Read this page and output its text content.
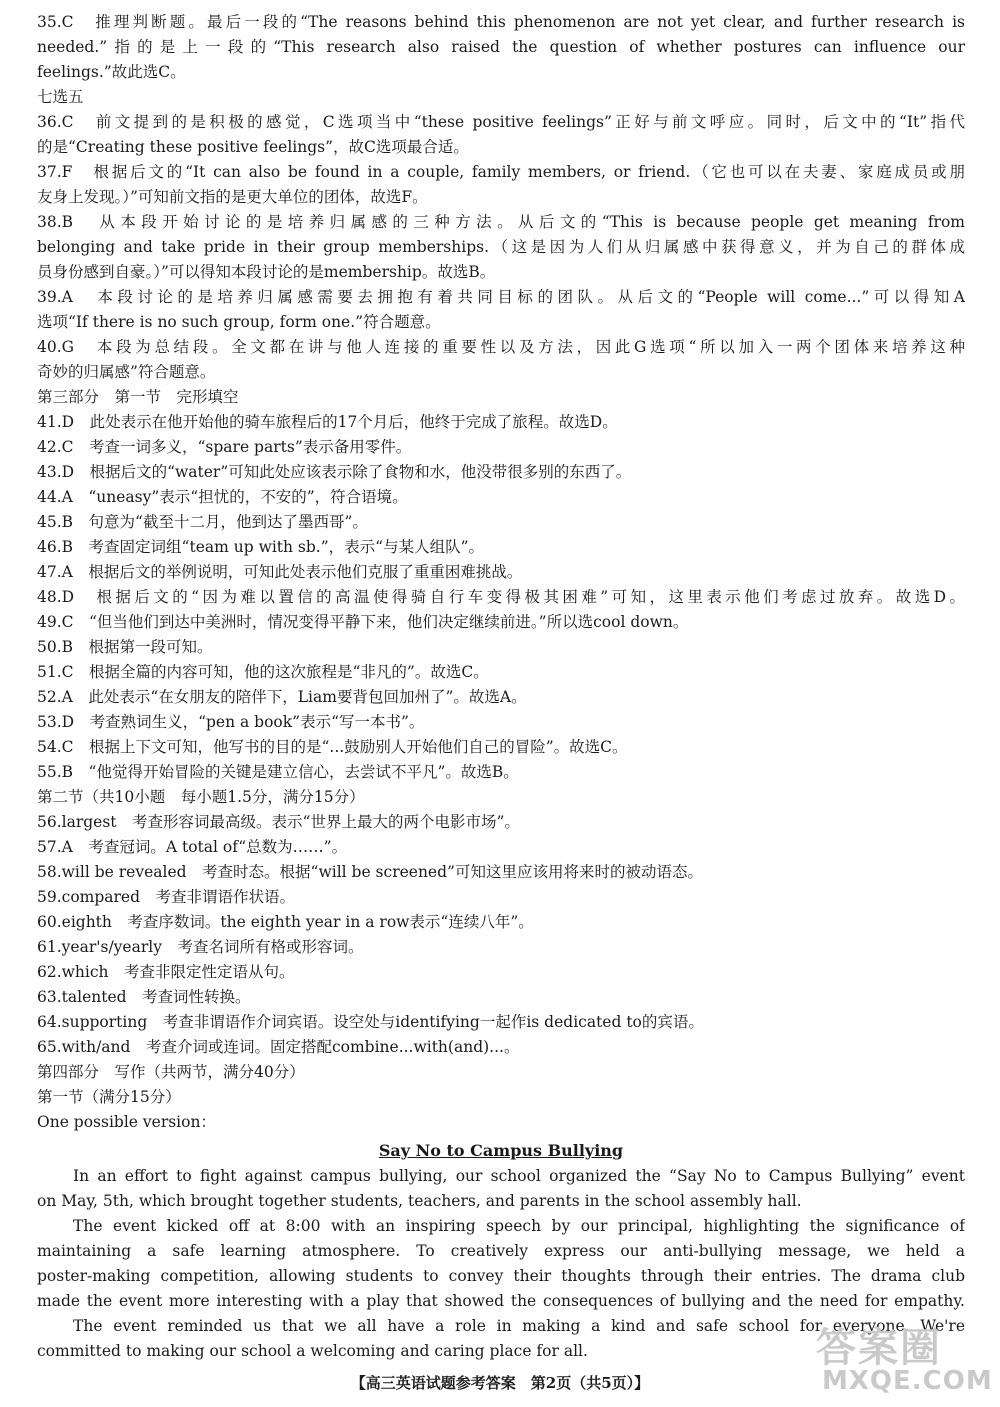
35.C　推理判断题。最后一段的“The reasons behind this phenomenon are not yet clear, and further research is
needed.”指的是上一段的“This research also raised the question of whether postures can influence our
feelings.”故此选C。
七选五
36.C　前文提到的是积极的感觉，C选项当中“these positive feelings”正好与前文呼应。同时，后文中的“It”指代
的是“Creating these positive feelings”，故C选项最合适。
37.F　根据后文的“It can also be found in a couple, family members, or friend.（它也可以在夫妻、家庭成员或朋
友身上发现。）”可知前文指的是更大单位的团体，故选F。
38.B　从本段开始讨论的是培养归属感的三种方法。从后文的“This is because people get meaning from
belonging and take pride in their group memberships.（这是因为人们从归属感中获得意义，并为自己的群体成
员身份感到自豪。）”可以得知本段讨论的是membership。故选B。
39.A　本段讨论的是培养归属感需要去拥抱有着共同目标的团队。从后文的“People will come...”可以得知A
选项“If there is no such group, form one.”符合题意。
40.G　本段为总结段。全文都在讲与他人连接的重要性以及方法，因此G选项“所以加入一两个团体来培养这种
奇妙的归属感”符合题意。
第三部分　第一节　完形填空
41.D　此处表示在他开始他的骑车旅程后的17个月后，他终于完成了旅程。故选D。
42.C　考查一词多义，“spare parts”表示备用零件。
43.D　根据后文的“water”可知此处应该表示除了食物和水，他没带很多别的东西了。
44.A　“uneasy”表示“担忧的，不安的”，符合语境。
45.B　句意为“截至十二月，他到达了墨西哥”。
46.B　考查固定词组“team up with sb.”，表示“与某人组队”。
47.A　根据后文的举例说明，可知此处表示他们克服了重重困难挑战。
48.D　根据后文的“因为难以置信的高温使得骑自行车变得极其困难”可知，这里表示他们考虑过放弃。故选D。
49.C　“但当他们到达中美洲时，情况变得平静下来，他们决定继续前进。”所以选cool down。
50.B　根据第一段可知。
51.C　根据全篇的内容可知，他的这次旅程是“非凡的”。故选C。
52.A　此处表示“在女朋友的陪伴下，Liam要背包回加州了”。故选A。
53.D　考查熟词生义，“pen a book”表示“写一本书”。
54.C　根据上下文可知，他写书的目的是“...鼓励别人开始他们自己的冒险”。故选C。
55.B　“他觉得开始冒险的关键是建立信心，去尝试不平凡”。故选B。
第二节（共10小题　每小题1.5分，满分15分）
56.largest　考查形容词最高级。表示“世界上最大的两个电影市场”。
57.A　考查冠词。A total of“总数为……”。
58.will be revealed　考查时态。根据“will be screened”可知这里应该用将来时的被动语态。
59.compared　考查非谓语作状语。
60.eighth　考查序数词。the eighth year in a row表示“连续八年”。
61.year's/yearly　考查名词所有格或形容词。
62.which　考查非限定性定语从句。
63.talented　考查词性转换。
64.supporting　考查非谓语作介词宾语。设空处与identifying一起作is dedicated to的宾语。
65.with/and　考查介词或连词。固定搭配combine...with(and)...。
第四部分　写作（共两节，满分40分）
第一节（满分15分）
One possible version：
Say No to Campus Bullying
In an effort to fight against campus bullying, our school organized the “Say No to Campus Bullying” event
on May, 5th, which brought together students, teachers, and parents in the school assembly hall.
The event kicked off at 8:00 with an inspiring speech by our principal, highlighting the significance of
maintaining a safe learning atmosphere. To creatively express our anti-bullying message, we held a
poster-making competition, allowing students to convey their thoughts through their entries. The drama club
made the event more interesting with a play that showed the consequences of bullying and the need for empathy.
The event reminded us that we all have a role in making a kind and safe school for everyone. We're
committed to making our school a welcoming and caring place for all.
【高三英语试题参考答案　第2页（共5页）】
答案圈
MXQE.COM
